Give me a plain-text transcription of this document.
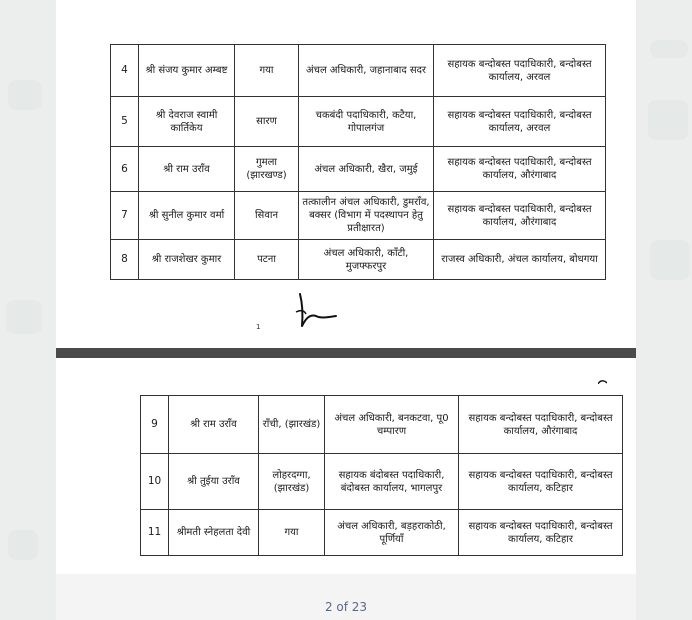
4	श्री संजय कुमार अम्बष्ट	गया	अंचल अधिकारी, जहानाबाद सदर	सहायक बन्दोबस्त पदाधिकारी, बन्दोबस्त कार्यालय, अरवल
5	श्री देवराज स्वामी कार्तिकेय	सारण	चकबंदी पदाधिकारी, कटैया, गोपालगंज	सहायक बन्दोबस्त पदाधिकारी, बन्दोबस्त कार्यालय, अरवल
6	श्री राम उराँव	गुमला (झारखण्ड)	अंचल अधिकारी, खैरा, जमुई	सहायक बन्दोबस्त पदाधिकारी, बन्दोबस्त कार्यालय, औरंगाबाद
7	श्री सुनील कुमार वर्मा	सिवान	तत्कालीन अंचल अधिकारी, डुमराँव, बक्सर (विभाग में पदस्थापन हेतु प्रतीक्षारत)	सहायक बन्दोबस्त पदाधिकारी, बन्दोबस्त कार्यालय, औरंगाबाद
8	श्री राजशेखर कुमार	पटना	अंचल अधिकारी, काँटी, मुजफ्फरपुर	राजस्व अधिकारी, अंचल कार्यालय, बोधगया
1
9	श्री राम उराँव	राँची, (झारखंड)	अंचल अधिकारी, बनकटवा, पू0 चम्पारण	सहायक बन्दोबस्त पदाधिकारी, बन्दोबस्त कार्यालय, औरंगाबाद
10	श्री तुईया उराँव	लोहरदग्गा, (झारखंड)	सहायक बंदोबस्त पदाधिकारी, बंदोबस्त कार्यालय, भागलपुर	सहायक बन्दोबस्त पदाधिकारी, बन्दोबस्त कार्यालय, कटिहार
11	श्रीमती स्नेहलता देवी	गया	अंचल अधिकारी, बड़हराकोठी, पूर्णियाँ	सहायक बन्दोबस्त पदाधिकारी, बन्दोबस्त कार्यालय, कटिहार
2 of 23
